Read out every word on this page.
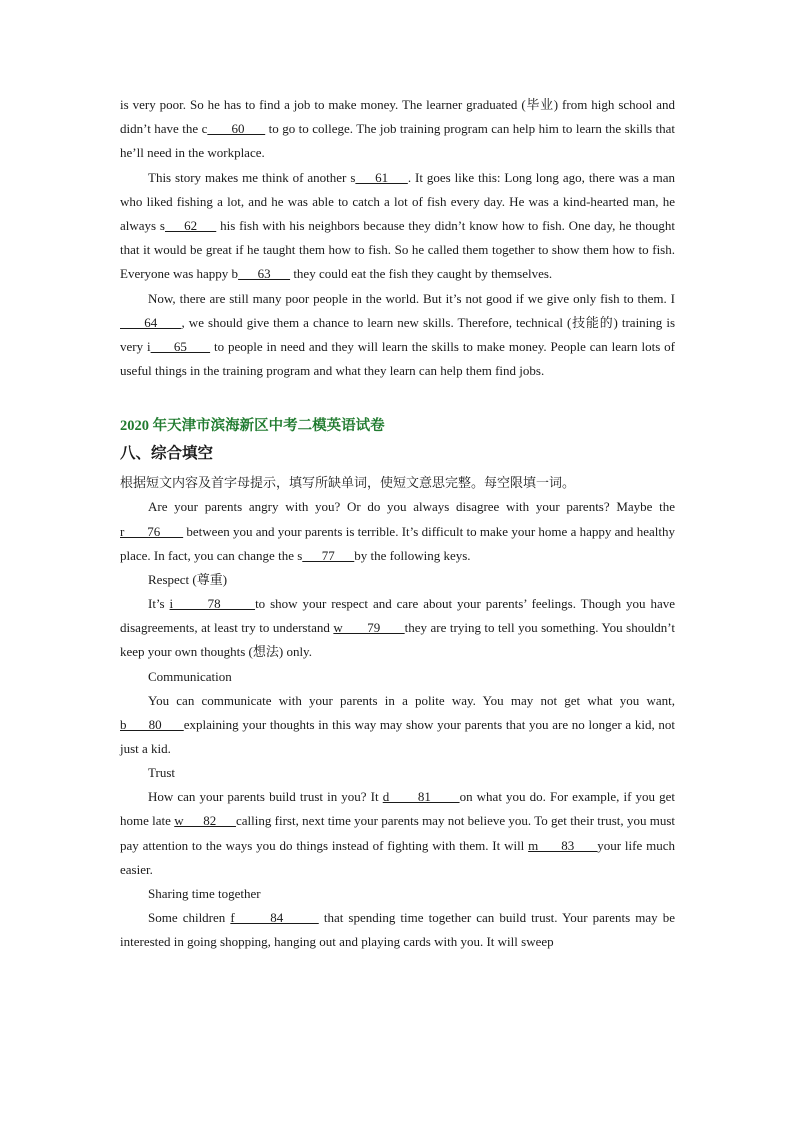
is very poor. So he has to find a job to make money. The learner graduated (毕业) from high school and didn’t have the c       60       to go to college. The job training program can help him to learn the skills that he’ll need in the workplace.

This story makes me think of another s     61     . It goes like this: Long long ago, there was a man who liked fishing a lot, and he was able to catch a lot of fish every day. He was a kind-hearted man, he always s     62      his fish with his neighbors because they didn’t know how to fish. One day, he thought that it would be great if he taught them how to fish. So he called them together to show them how to fish. Everyone was happy b      63       they could eat the fish they caught by themselves.

Now, there are still many poor people in the world. But it’s not good if we give only fish to them. I      64      , we should give them a chance to learn new skills. Therefore, technical (技能的) training is very i      65       to people in need and they will learn the skills to make money. People can learn lots of useful things in the training program and what they learn can help them find jobs.

2020 年天津市滨海新区中考二模英语试卷
八、综合填空

根据短文内容及首字母提示，填写所缺单词，使短文意思完整。每空限填一词。

Are your parents angry with you? Or do you always disagree with your parents? Maybe the r       76        between you and your parents is terrible. It’s difficult to make your home a happy and healthy place. In fact, you can change the s      77      by the following keys.

Respect (尊重)

It’s i       78       to show your respect and care about your parents’ feelings. Though you have disagreements, at least try to understand w       79       they are trying to tell you something. You shouldn’t keep your own thoughts (想法) only.

Communication

You can communicate with your parents in a polite way. You may not get what you want, b      80      explaining your thoughts in this way may show your parents that you are no longer a kid, not just a kid.

Trust

How can your parents build trust in you? It d       81       on what you do. For example, if you get home late w      82      calling first, next time your parents may not believe you. To get their trust, you must pay attention to the ways you do things instead of fighting with them. It will m      83      your life much easier.

Sharing time together

Some children f       84        that spending time together can build trust. Your parents may be interested in going shopping, hanging out and playing cards with you. It will sweep
